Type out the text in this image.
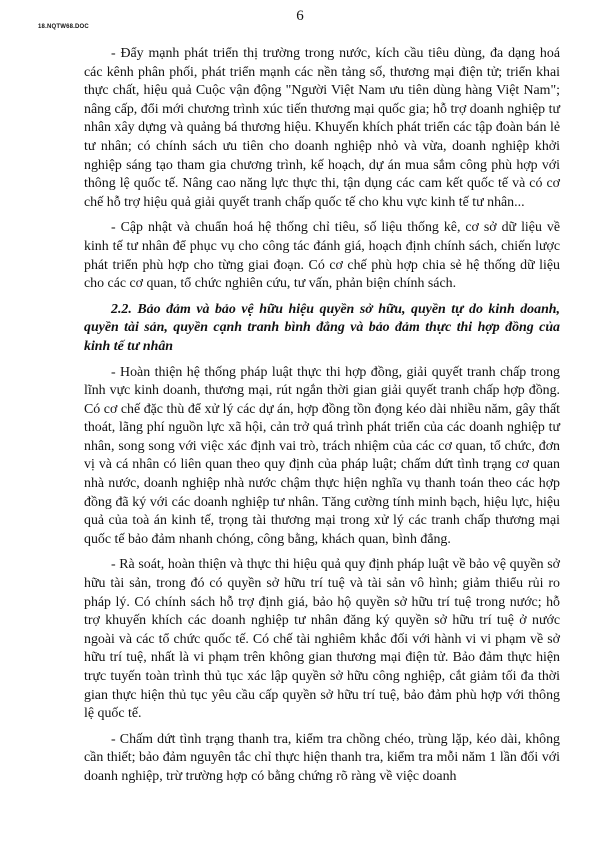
18.NQTW68.DOC
6

- Đẩy mạnh phát triển thị trường trong nước, kích cầu tiêu dùng, đa dạng hoá các kênh phân phối, phát triển mạnh các nền tảng số, thương mại điện tử; triển khai thực chất, hiệu quả Cuộc vận động "Người Việt Nam ưu tiên dùng hàng Việt Nam"; nâng cấp, đổi mới chương trình xúc tiến thương mại quốc gia; hỗ trợ doanh nghiệp tư nhân xây dựng và quảng bá thương hiệu. Khuyến khích phát triển các tập đoàn bán lẻ tư nhân; có chính sách ưu tiên cho doanh nghiệp nhỏ và vừa, doanh nghiệp khởi nghiệp sáng tạo tham gia chương trình, kế hoạch, dự án mua sắm công phù hợp với thông lệ quốc tế. Nâng cao năng lực thực thi, tận dụng các cam kết quốc tế và có cơ chế hỗ trợ hiệu quả giải quyết tranh chấp quốc tế cho khu vực kinh tế tư nhân...

- Cập nhật và chuẩn hoá hệ thống chỉ tiêu, số liệu thống kê, cơ sở dữ liệu về kinh tế tư nhân để phục vụ cho công tác đánh giá, hoạch định chính sách, chiến lược phát triển phù hợp cho từng giai đoạn. Có cơ chế phù hợp chia sẻ hệ thống dữ liệu cho các cơ quan, tổ chức nghiên cứu, tư vấn, phản biện chính sách.

2.2. Bảo đảm và bảo vệ hữu hiệu quyền sở hữu, quyền tự do kinh doanh, quyền tài sản, quyền cạnh tranh bình đẳng và bảo đảm thực thi hợp đồng của kinh tế tư nhân

- Hoàn thiện hệ thống pháp luật thực thi hợp đồng, giải quyết tranh chấp trong lĩnh vực kinh doanh, thương mại, rút ngắn thời gian giải quyết tranh chấp hợp đồng. Có cơ chế đặc thù để xử lý các dự án, hợp đồng tồn đọng kéo dài nhiều năm, gây thất thoát, lãng phí nguồn lực xã hội, cản trở quá trình phát triển của các doanh nghiệp tư nhân, song song với việc xác định vai trò, trách nhiệm của các cơ quan, tổ chức, đơn vị và cá nhân có liên quan theo quy định của pháp luật; chấm dứt tình trạng cơ quan nhà nước, doanh nghiệp nhà nước chậm thực hiện nghĩa vụ thanh toán theo các hợp đồng đã ký với các doanh nghiệp tư nhân. Tăng cường tính minh bạch, hiệu lực, hiệu quả của toà án kinh tế, trọng tài thương mại trong xử lý các tranh chấp thương mại quốc tế bảo đảm nhanh chóng, công bằng, khách quan, bình đẳng.

- Rà soát, hoàn thiện và thực thi hiệu quả quy định pháp luật về bảo vệ quyền sở hữu tài sản, trong đó có quyền sở hữu trí tuệ và tài sản vô hình; giảm thiểu rủi ro pháp lý. Có chính sách hỗ trợ định giá, bảo hộ quyền sở hữu trí tuệ trong nước; hỗ trợ khuyến khích các doanh nghiệp tư nhân đăng ký quyền sở hữu trí tuệ ở nước ngoài và các tổ chức quốc tế. Có chế tài nghiêm khắc đối với hành vi vi phạm về sở hữu trí tuệ, nhất là vi phạm trên không gian thương mại điện tử. Bảo đảm thực hiện trực tuyến toàn trình thủ tục xác lập quyền sở hữu công nghiệp, cắt giảm tối đa thời gian thực hiện thủ tục yêu cầu cấp quyền sở hữu trí tuệ, bảo đảm phù hợp với thông lệ quốc tế.

- Chấm dứt tình trạng thanh tra, kiểm tra chồng chéo, trùng lặp, kéo dài, không cần thiết; bảo đảm nguyên tắc chỉ thực hiện thanh tra, kiểm tra mỗi năm 1 lần đối với doanh nghiệp, trừ trường hợp có bằng chứng rõ ràng về việc doanh
